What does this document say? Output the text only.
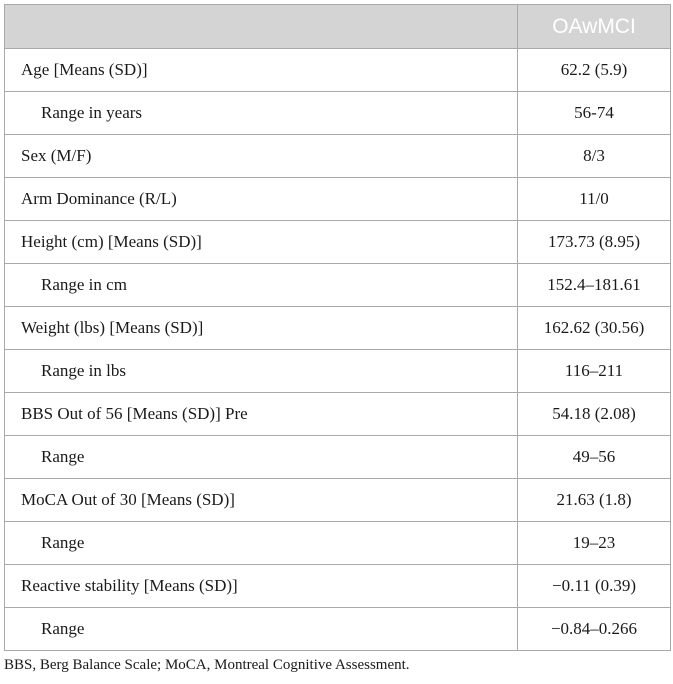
	OAwMCI
Age [Means (SD)]	62.2 (5.9)
Range in years	56-74
Sex (M/F)	8/3
Arm Dominance (R/L)	11/0
Height (cm) [Means (SD)]	173.73 (8.95)
Range in cm	152.4–181.61
Weight (lbs) [Means (SD)]	162.62 (30.56)
Range in lbs	116–211
BBS Out of 56 [Means (SD)] Pre	54.18 (2.08)
Range	49–56
MoCA Out of 30 [Means (SD)]	21.63 (1.8)
Range	19–23
Reactive stability [Means (SD)]	−0.11 (0.39)
Range	−0.84–0.266
BBS, Berg Balance Scale; MoCA, Montreal Cognitive Assessment.
